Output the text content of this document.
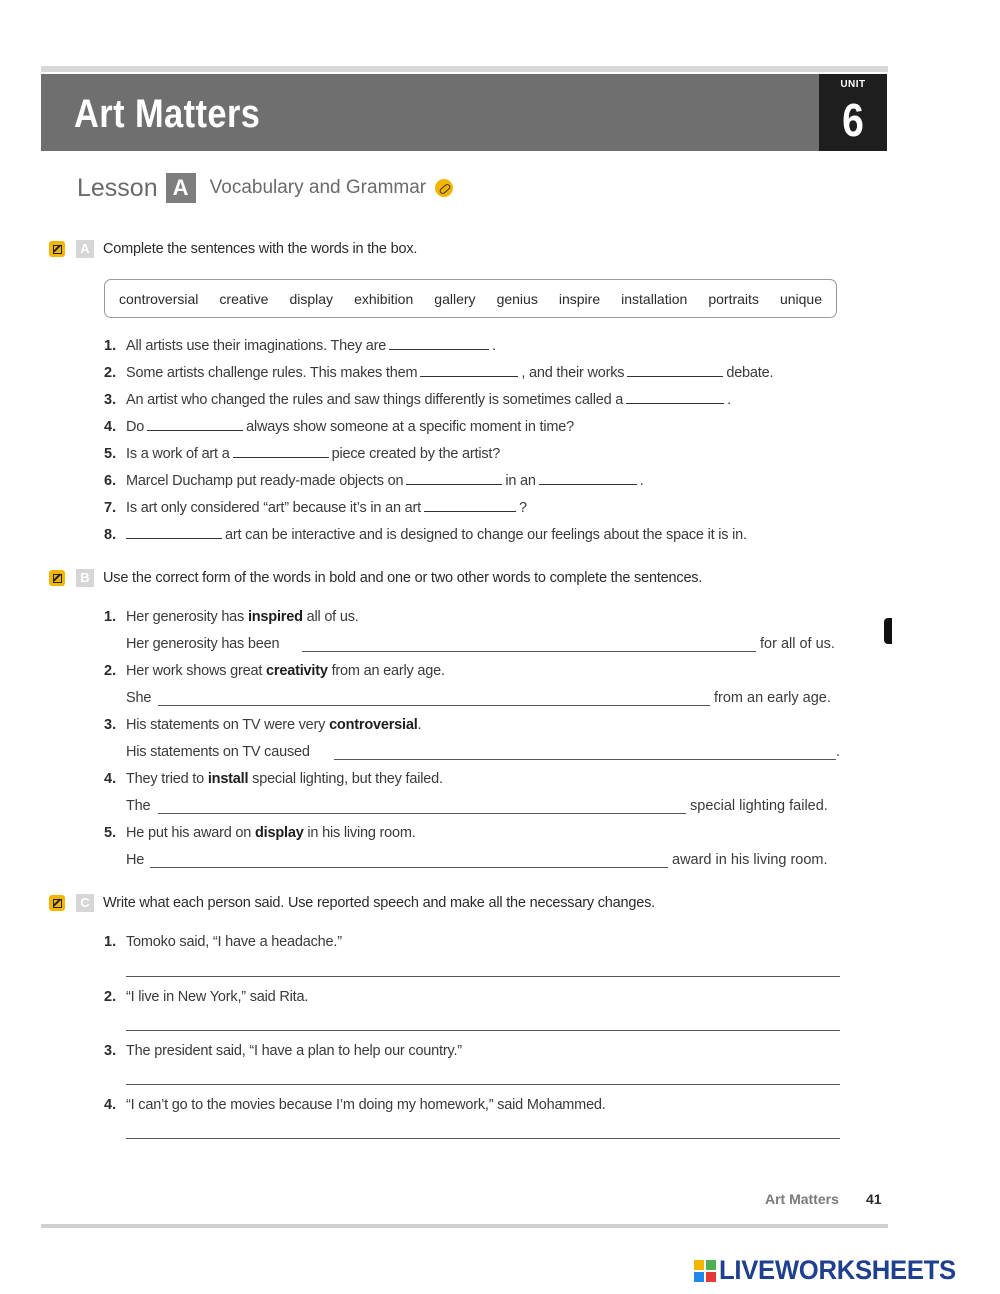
Art Matters
UNIT
6
Lesson A	Vocabulary and Grammar
A Complete the sentences with the words in the box.
controversial creative display exhibition gallery genius inspire installation portraits unique
1. All artists use their imaginations. They are	.
2. Some artists challenge rules. This makes them	, and their works	debate.
3. An artist who changed the rules and saw things differently is sometimes called a	.
4. Do	always show someone at a specific moment in time?
5. Is a work of art a	piece created by the artist?
6. Marcel Duchamp put ready-made objects on	in an	.
7. Is art only considered “art” because it’s in an art	?
8.	art can be interactive and is designed to change our feelings about the space it is in.
B Use the correct form of the words in bold and one or two other words to complete the sentences.
1. Her generosity has inspired all of us.
Her generosity has been	for all of us.
2. Her work shows great creativity from an early age.
She	from an early age.
3. His statements on TV were very controversial.
His statements on TV caused	.
4. They tried to install special lighting, but they failed.
The	special lighting failed.
5. He put his award on display in his living room.
He	award in his living room.
C Write what each person said. Use reported speech and make all the necessary changes.
1. Tomoko said, “I have a headache.”
2. “I live in New York,” said Rita.
3. The president said, “I have a plan to help our country.”
4. “I can’t go to the movies because I’m doing my homework,” said Mohammed.
Art Matters 41
LIVEWORKSHEETS
